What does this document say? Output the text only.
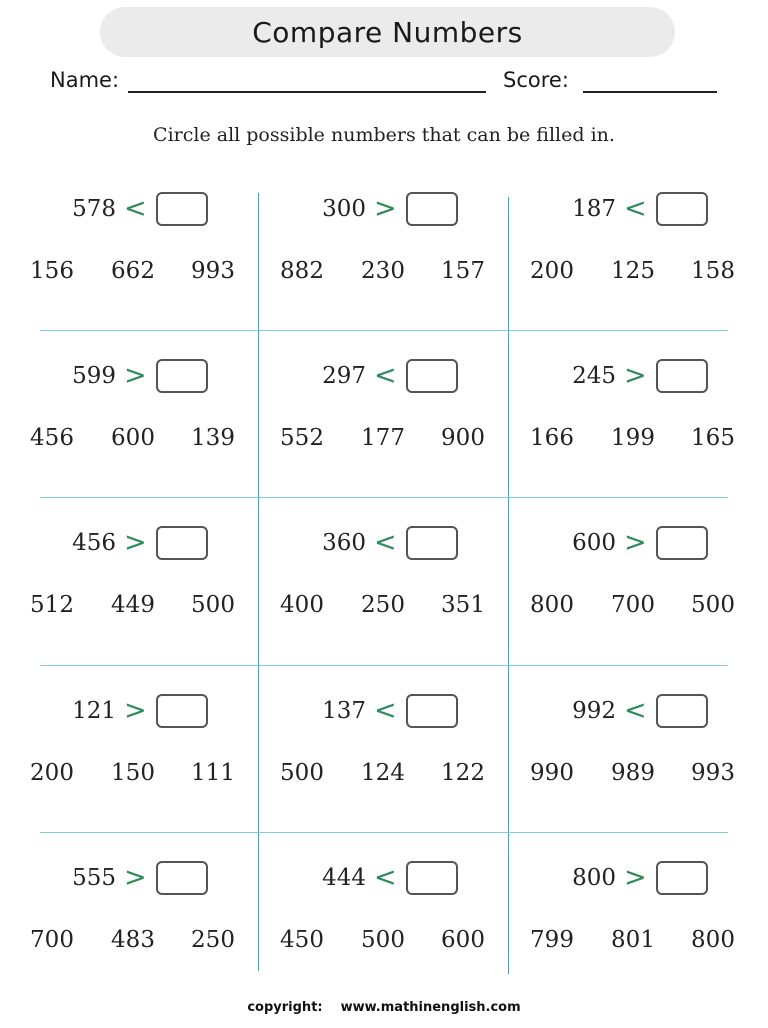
Compare Numbers
Name:	Score:
Circle all possible numbers that can be filled in.
578 <
156	662	993
300 >
882	230	157
187 <
200	125	158
599 >
456	600	139
297 <
552	177	900
245 >
166	199	165
456 >
512	449	500
360 <
400	250	351
600 >
800	700	500
121 >
200	150	111
137 <
500	124	122
992 <
990	989	993
555 >
700	483	250
444 <
450	500	600
800 >
799	801	800
copyright: www.mathinenglish.com
